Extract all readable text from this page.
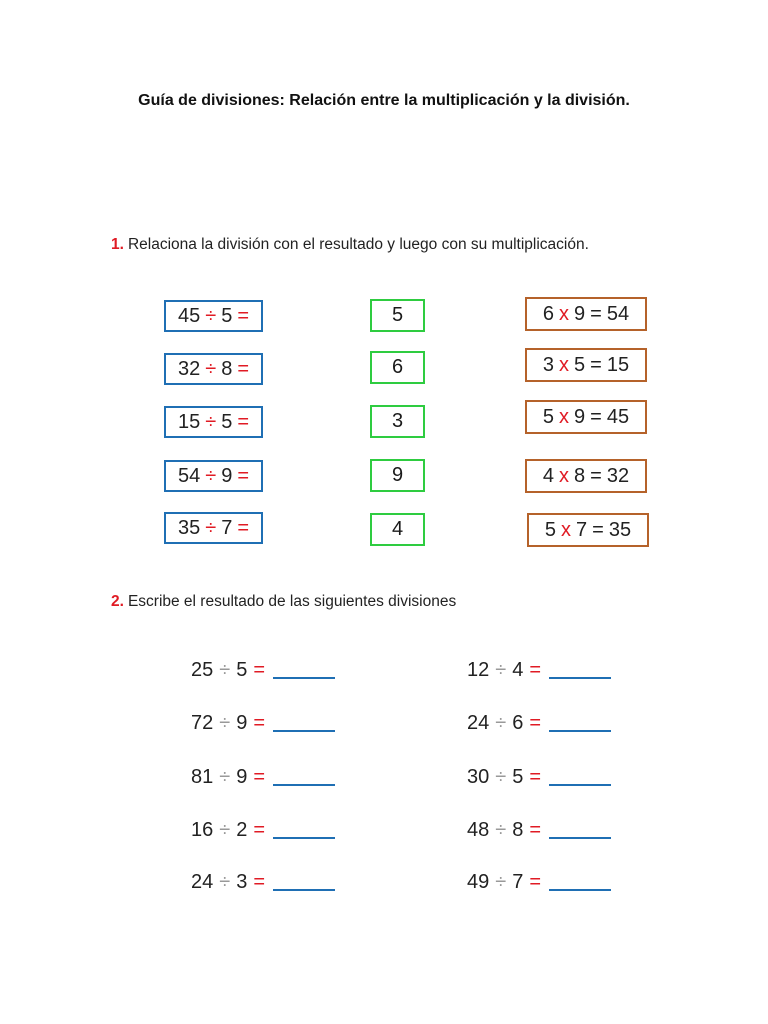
Guía de divisiones: Relación entre la multiplicación y la división.
1. Relaciona la división con el resultado y luego con su multiplicación.
45 ÷ 5 =
32 ÷ 8 =
15 ÷ 5 =
54 ÷ 9 =
35 ÷ 7 =
5
6
3
9
4
6 x 9 = 54
3 x 5 = 15
5 x 9 = 45
4 x 8 = 32
5 x 7 = 35
2. Escribe el resultado de las siguientes divisiones
25 ÷ 5 =
72 ÷ 9 =
81 ÷ 9 =
16 ÷ 2 =
24 ÷ 3 =
12 ÷ 4 =
24 ÷ 6 =
30 ÷ 5 =
48 ÷ 8 =
49 ÷ 7 =
